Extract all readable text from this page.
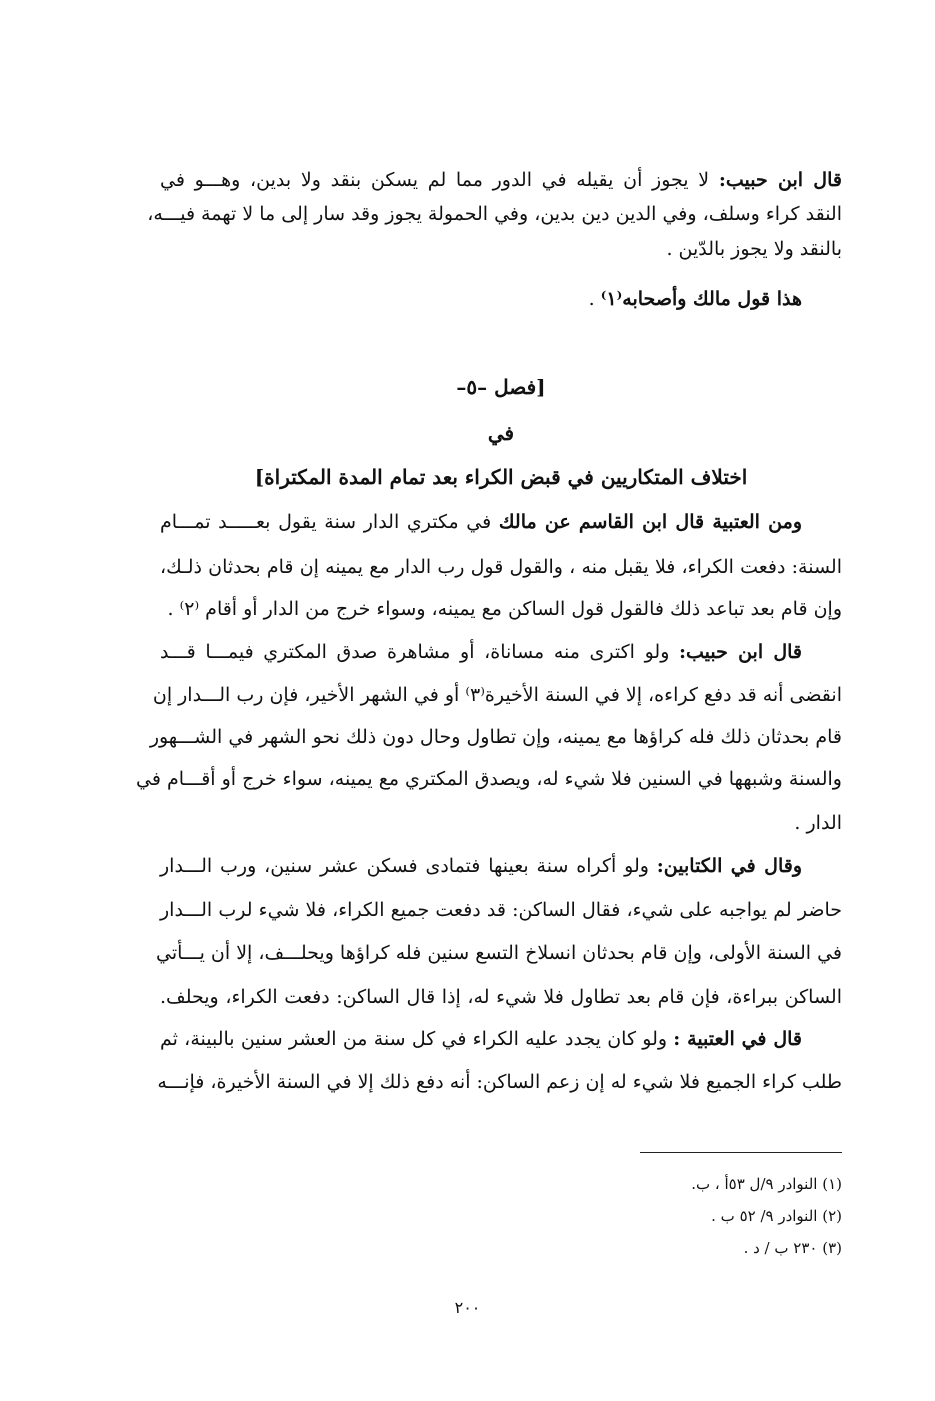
قال ابن حبيب: لا يجوز أن يقيله في الدور مما لم يسكن بنقد ولا بدين، وهـــو في
النقد كراء وسلف، وفي الدين دين بدين، وفي الحمولة يجوز وقد سار إلى ما لا تهمة فيـــه،
بالنقد ولا يجوز بالدّين .
هذا قول مالك وأصحابه⁽١⁾ .
[فصل –٥–
في
اختلاف المتكاريين في قبض الكراء بعد تمام المدة المكتراة]
ومن العتبية قال ابن القاسم عن مالك في مكتري الدار سنة يقول بعـــــد تمـــام
السنة: دفعت الكراء، فلا يقبل منه ، والقول قول رب الدار مع يمينه إن قام بحدثان ذلـك،
وإن قام بعد تباعد ذلك فالقول قول الساكن مع يمينه، وسواء خرج من الدار أو أقام ⁽٢⁾ .
قال ابن حبيب: ولو اكترى منه مساناة، أو مشاهرة صدق المكتري فيمـــا قـــد
انقضى أنه قد دفع كراءه، إلا في السنة الأخيرة⁽٣⁾ أو في الشهر الأخير، فإن رب الـــدار إن
قام بحدثان ذلك فله كراؤها مع يمينه، وإن تطاول وحال دون ذلك نحو الشهر في الشـــهور
والسنة وشبهها في السنين فلا شيء له، ويصدق المكتري مع يمينه، سواء خرج أو أقـــام في
الدار .
وقال في الكتابين: ولو أكراه سنة بعينها فتمادى فسكن عشر سنين، ورب الـــدار
حاضر لم يواجبه على شيء، فقال الساكن: قد دفعت جميع الكراء، فلا شيء لرب الـــدار
في السنة الأولى، وإن قام بحدثان انسلاخ التسع سنين فله كراؤها ويحلـــف، إلا أن يـــأتي
الساكن ببراءة، فإن قام بعد تطاول فلا شيء له، إذا قال الساكن: دفعت الكراء، ويحلف.
قال في العتبية : ولو كان يجدد عليه الكراء في كل سنة من العشر سنين بالبينة، ثم
طلب كراء الجميع فلا شيء له إن زعم الساكن: أنه دفع ذلك إلا في السنة الأخيرة، فإنـــه
(١) النوادر ٩/ل ٥٣أ ، ب.
(٢) النوادر ٩/ ٥٢ ب .
(٣) ٢٣٠ ب / د .
٢٠٠
